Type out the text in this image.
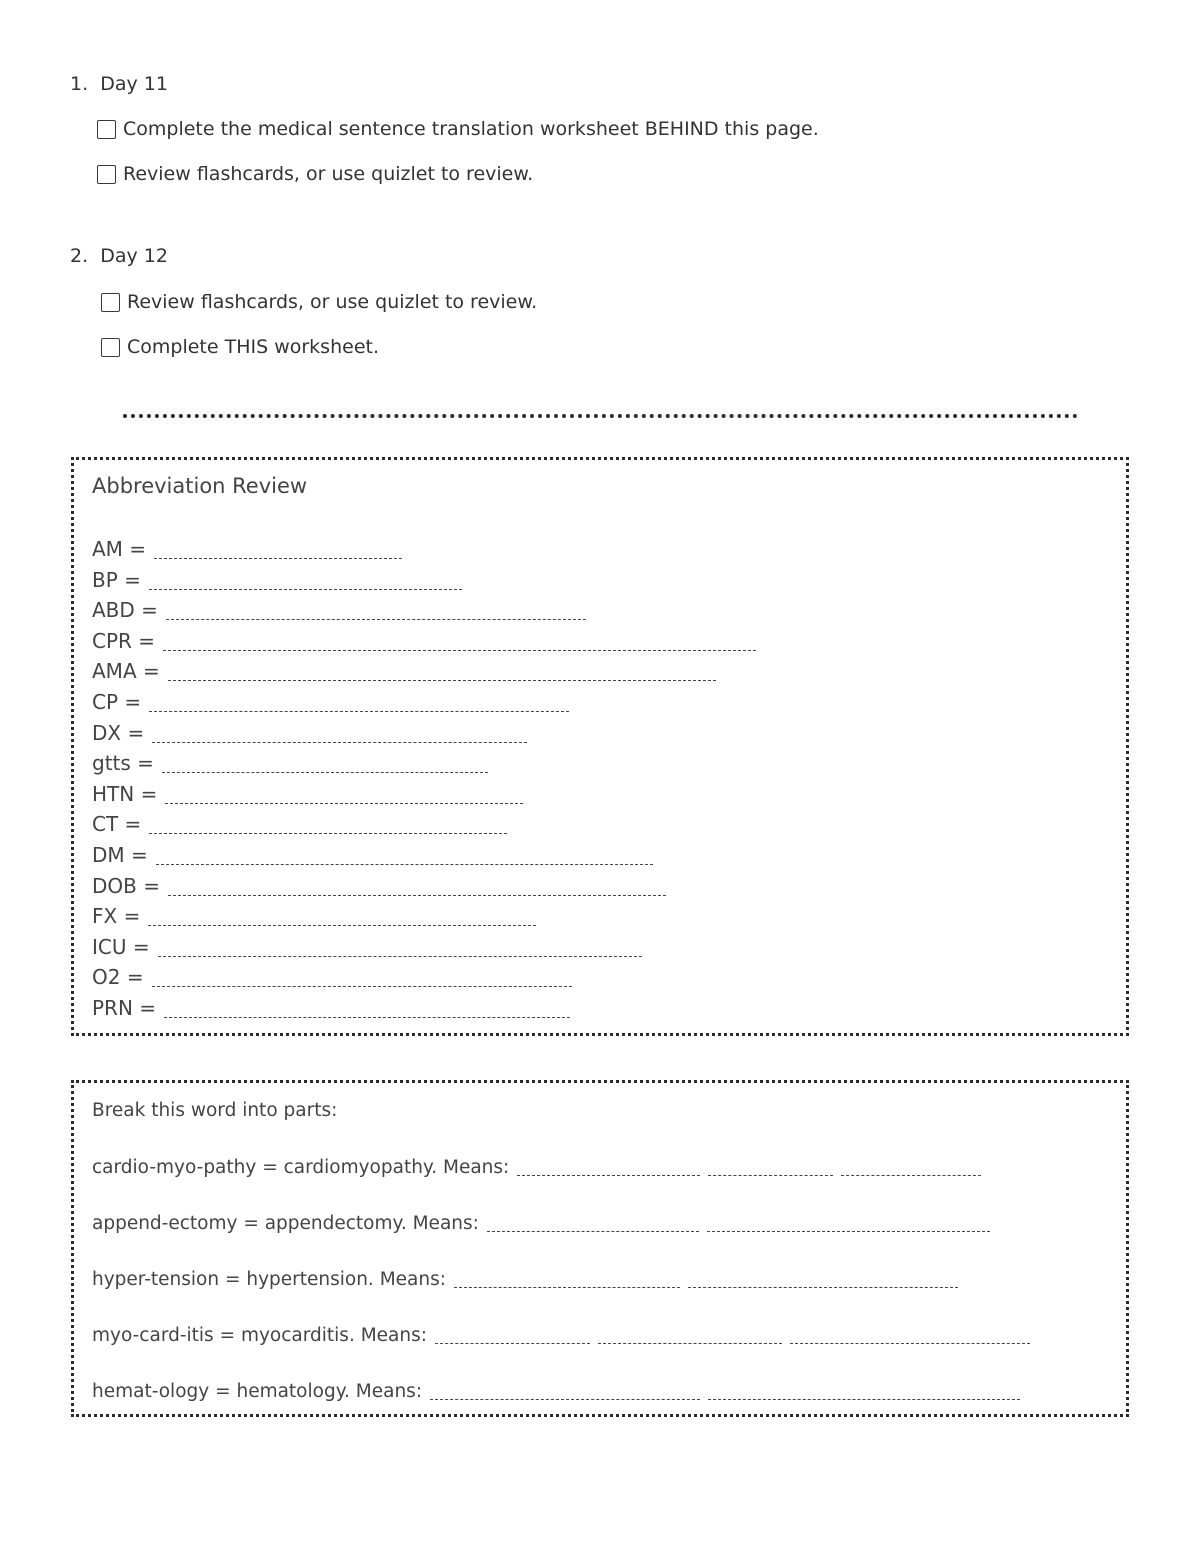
1. Day 11
Complete the medical sentence translation worksheet BEHIND this page.
Review flashcards, or use quizlet to review.
2. Day 12
Review flashcards, or use quizlet to review.
Complete THIS worksheet.
Abbreviation Review
AM =
BP =
ABD =
CPR =
AMA =
CP =
DX =
gtts =
HTN =
CT =
DM =
DOB =
FX =
ICU =
O2 =
PRN =
Break this word into parts:
cardio-myo-pathy = cardiomyopathy. Means:
append-ectomy = appendectomy. Means:
hyper-tension = hypertension. Means:
myo-card-itis = myocarditis. Means:
hemat-ology = hematology. Means:
